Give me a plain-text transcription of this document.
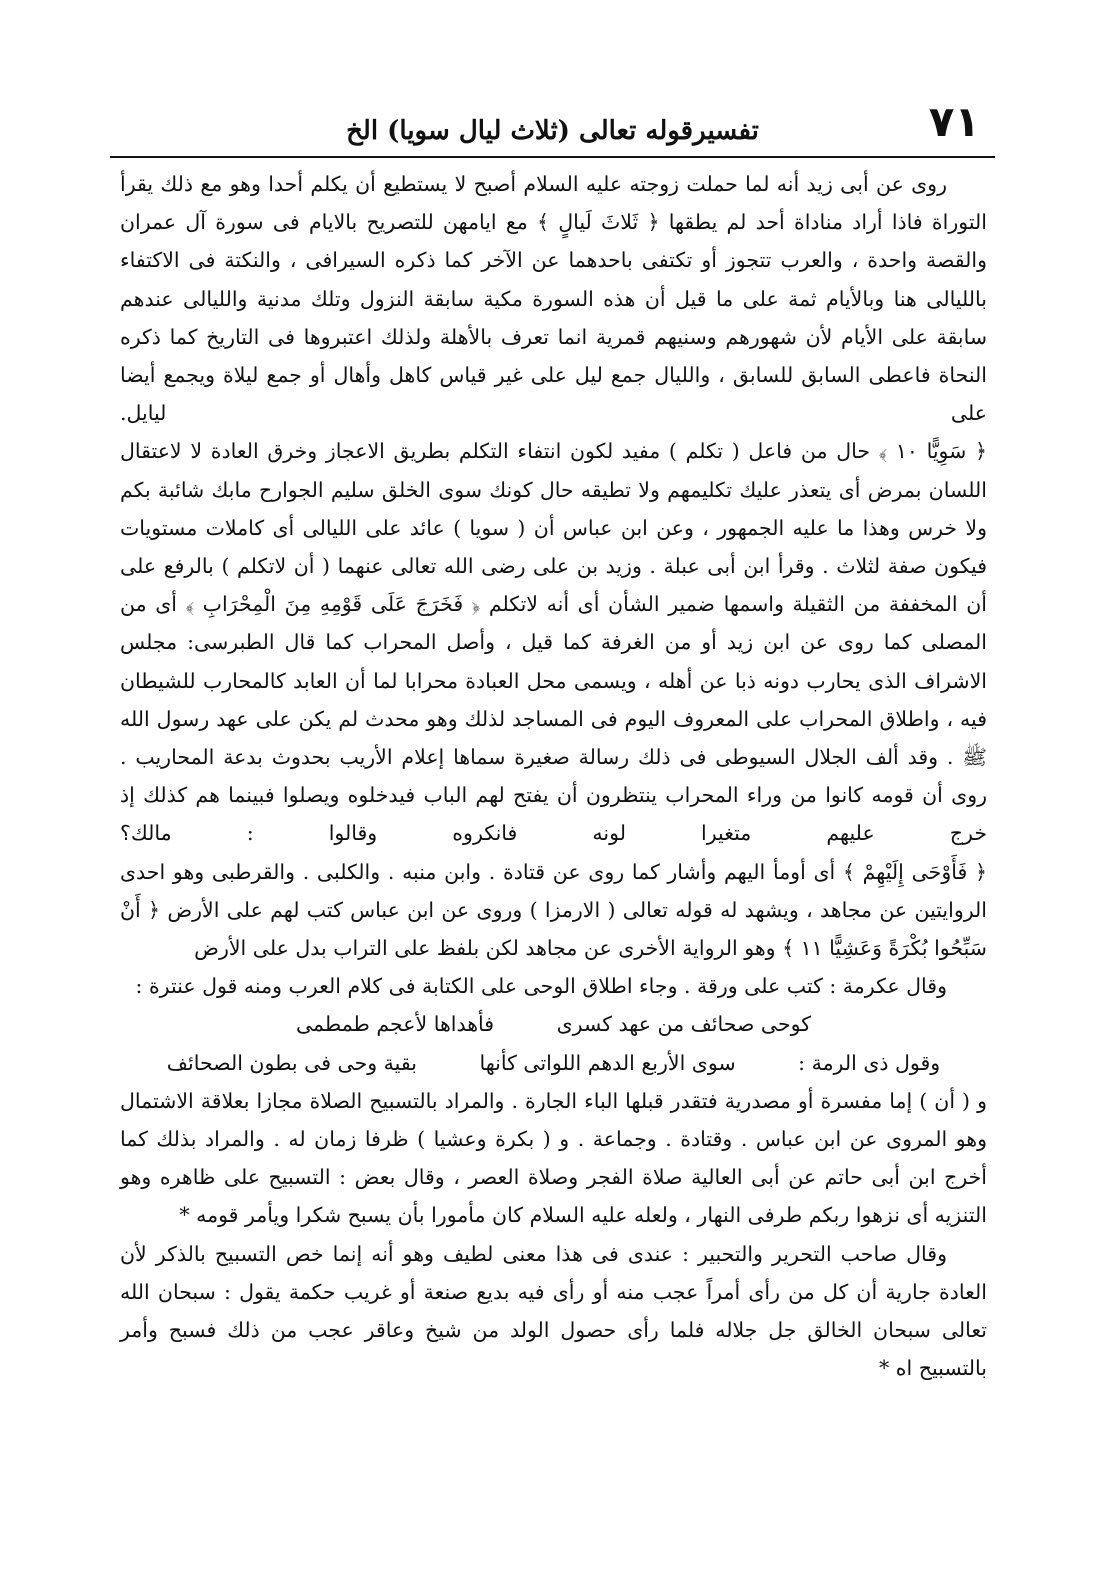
٧١
تفسيرقوله تعالى (ثلاث ليال سويا) الخ

روى عن أبى زيد أنه لما حملت زوجته عليه السلام أصبح لا يستطيع أن يكلم أحدا وهو مع ذلك يقرأ التوراة فاذا أراد مناداة أحد لم يطقها ﴿ ثَلاثَ لَيالٍ ﴾ مع ايامهن للتصريح بالايام فى سورة آل عمران والقصة واحدة ، والعرب تتجوز أو تكتفى باحدهما عن الآخر كما ذكره السيرافى ، والنكتة فى الاكتفاء بالليالى هنا وبالأيام ثمة على ما قيل أن هذه السورة مكية سابقة النزول وتلك مدنية والليالى عندهم سابقة على الأيام لأن شهورهم وسنيهم قمرية انما تعرف بالأهلة ولذلك اعتبروها فى التاريخ كما ذكره النحاة فاعطى السابق للسابق ، والليال جمع ليل على غير قياس كاهل وأهال أو جمع ليلاة ويجمع أيضا على ليايل.

﴿ سَوِيًّا ١٠ ﴾ حال من فاعل ( تكلم ) مفيد لكون انتفاء التكلم بطريق الاعجاز وخرق العادة لا لاعتقال اللسان بمرض أى يتعذر عليك تكليمهم ولا تطيقه حال كونك سوى الخلق سليم الجوارح مابك شائبة بكم ولا خرس وهذا ما عليه الجمهور ، وعن ابن عباس أن ( سويا ) عائد على الليالى أى كاملات مستويات فيكون صفة لثلاث . وقرأ ابن أبى عبلة . وزيد بن على رضى الله تعالى عنهما ( أن لاتكلم ) بالرفع على أن المخففة من الثقيلة واسمها ضمير الشأن أى أنه لاتكلم ﴿ فَخَرَجَ عَلَى قَوْمِهِ مِنَ الْمِحْرَابِ ﴾ أى من المصلى كما روى عن ابن زيد أو من الغرفة كما قيل ، وأصل المحراب كما قال الطبرسى: مجلس الاشراف الذى يحارب دونه ذبا عن أهله ، ويسمى محل العبادة محرابا لما أن العابد كالمحارب للشيطان فيه ، واطلاق المحراب على المعروف اليوم فى المساجد لذلك وهو محدث لم يكن على عهد رسول الله ﷺ . وقد ألف الجلال السيوطى فى ذلك رسالة صغيرة سماها إعلام الأريب بحدوث بدعة المحاريب . روى أن قومه كانوا من وراء المحراب ينتظرون أن يفتح لهم الباب فيدخلوه ويصلوا فبينما هم كذلك إذ خرج عليهم متغيرا لونه فانكروه وقالوا : مالك؟

﴿ فَأَوْحَى إِلَيْهِمْ ﴾ أى أومأ اليهم وأشار كما روى عن قتادة . وابن منبه . والكلبى . والقرطبى وهو احدى الروايتين عن مجاهد ، ويشهد له قوله تعالى ( الارمزا ) وروى عن ابن عباس كتب لهم على الأرض ﴿ أَنْ سَبِّحُوا بُكْرَةً وَعَشِيًّا ١١ ﴾ وهو الرواية الأخرى عن مجاهد لكن بلفظ على التراب بدل على الأرض

وقال عكرمة : كتب على ورقة . وجاء اطلاق الوحى على الكتابة فى كلام العرب ومنه قول عنترة :

كوحى صحائف من عهد كسرى فأهداها لأعجم طمطمى

وقول ذى الرمة : سوى الأربع الدهم اللواتى كأنها بقية وحى فى بطون الصحائف

و ( أن ) إما مفسرة أو مصدرية فتقدر قبلها الباء الجارة . والمراد بالتسبيح الصلاة مجازا بعلاقة الاشتمال وهو المروى عن ابن عباس . وقتادة . وجماعة . و ( بكرة وعشيا ) ظرفا زمان له . والمراد بذلك كما أخرج ابن أبى حاتم عن أبى العالية صلاة الفجر وصلاة العصر ، وقال بعض : التسبيح على ظاهره وهو التنزيه أى نزهوا ربكم طرفى النهار ، ولعله عليه السلام كان مأمورا بأن يسبح شكرا ويأمر قومه *

وقال صاحب التحرير والتحبير : عندى فى هذا معنى لطيف وهو أنه إنما خص التسبيح بالذكر لأن العادة جارية أن كل من رأى أمراً عجب منه أو رأى فيه بديع صنعة أو غريب حكمة يقول : سبحان الله تعالى سبحان الخالق جل جلاله فلما رأى حصول الولد من شيخ وعاقر عجب من ذلك فسبح وأمر بالتسبيح اه *
